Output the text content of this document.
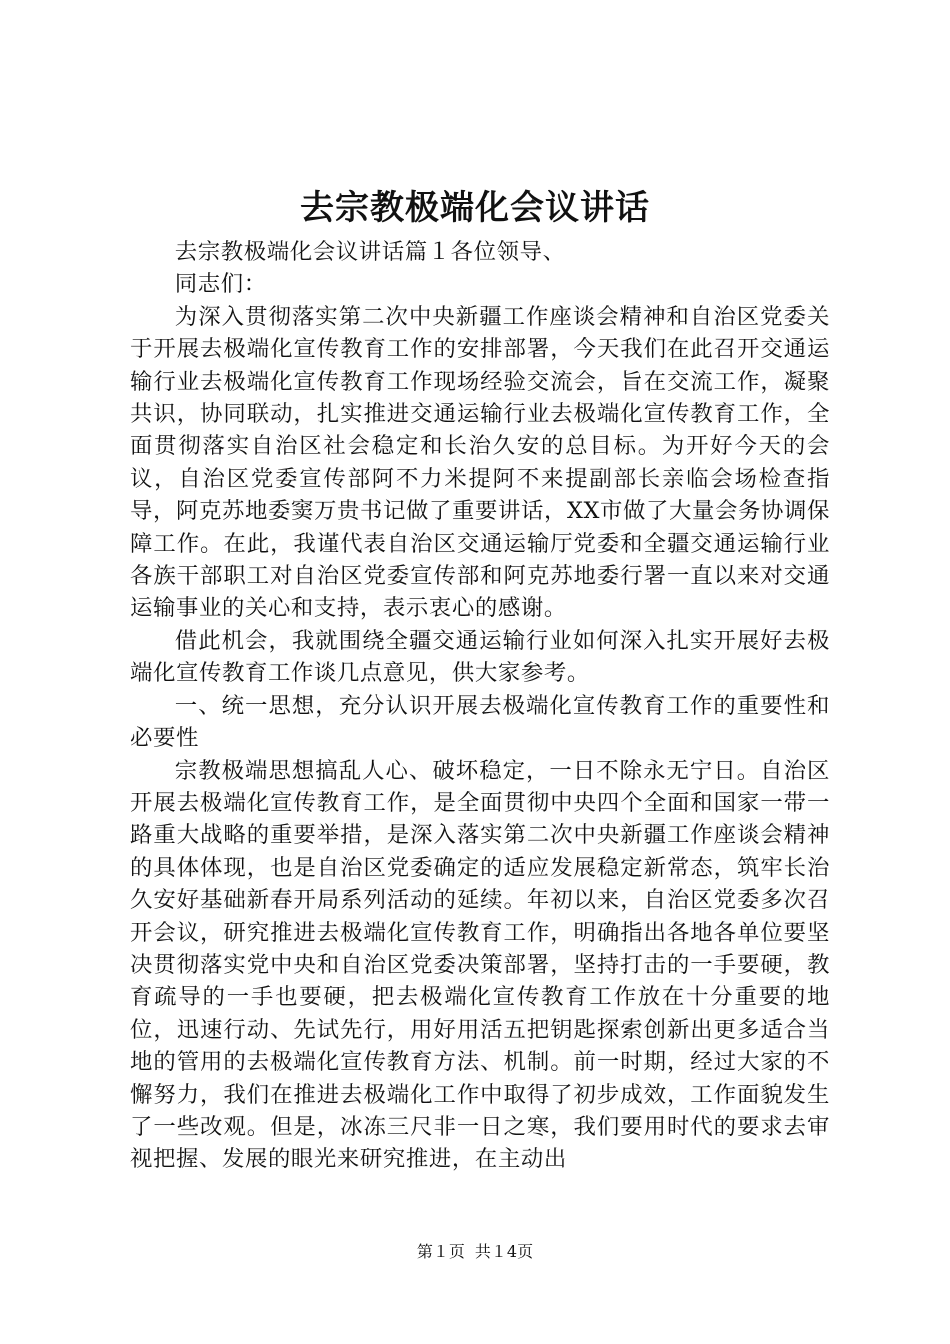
去宗教极端化会议讲话

去宗教极端化会议讲话篇１各位领导、

同志们：

为深入贯彻落实第二次中央新疆工作座谈会精神和自治区党委关于开展去极端化宣传教育工作的安排部署，今天我们在此召开交通运输行业去极端化宣传教育工作现场经验交流会，旨在交流工作，凝聚共识，协同联动，扎实推进交通运输行业去极端化宣传教育工作，全面贯彻落实自治区社会稳定和长治久安的总目标。为开好今天的会议，自治区党委宣传部阿不力米提阿不来提副部长亲临会场检查指导，阿克苏地委窦万贵书记做了重要讲话，XX市做了大量会务协调保障工作。在此，我谨代表自治区交通运输厅党委和全疆交通运输行业各族干部职工对自治区党委宣传部和阿克苏地委行署一直以来对交通运输事业的关心和支持，表示衷心的感谢。

借此机会，我就围绕全疆交通运输行业如何深入扎实开展好去极端化宣传教育工作谈几点意见，供大家参考。

一、统一思想，充分认识开展去极端化宣传教育工作的重要性和必要性

宗教极端思想搞乱人心、破坏稳定，一日不除永无宁日。自治区开展去极端化宣传教育工作，是全面贯彻中央四个全面和国家一带一路重大战略的重要举措，是深入落实第二次中央新疆工作座谈会精神的具体体现，也是自治区党委确定的适应发展稳定新常态，筑牢长治久安好基础新春开局系列活动的延续。年初以来，自治区党委多次召开会议，研究推进去极端化宣传教育工作，明确指出各地各单位要坚决贯彻落实党中央和自治区党委决策部署，坚持打击的一手要硬，教育疏导的一手也要硬，把去极端化宣传教育工作放在十分重要的地位，迅速行动、先试先行，用好用活五把钥匙探索创新出更多适合当地的管用的去极端化宣传教育方法、机制。前一时期，经过大家的不懈努力，我们在推进去极端化工作中取得了初步成效，工作面貌发生了一些改观。但是，冰冻三尺非一日之寒，我们要用时代的要求去审视把握、发展的眼光来研究推进，在主动出

第１页 共１4页
